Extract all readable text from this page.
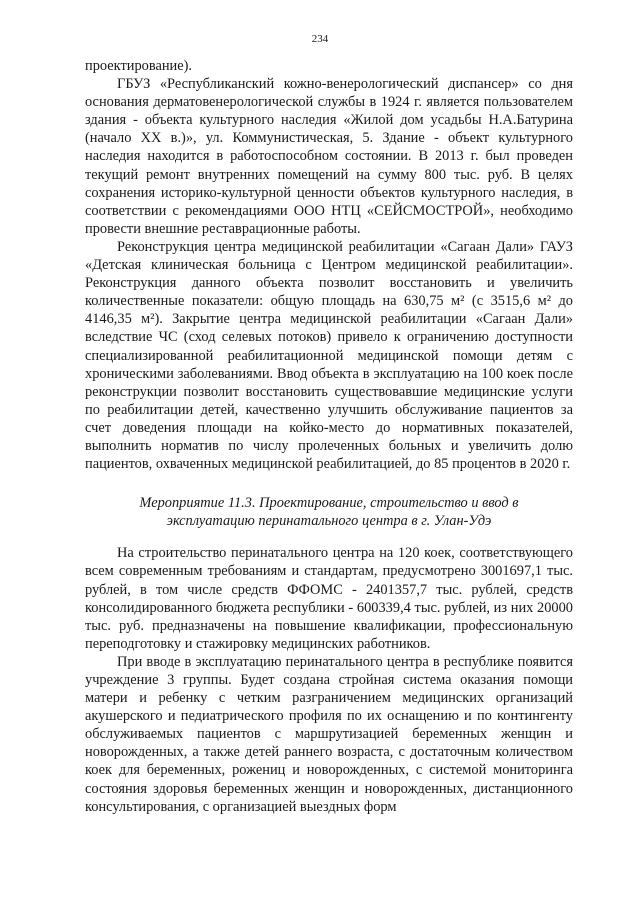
234

проектирование).

ГБУЗ «Республиканский кожно-венерологический диспансер» со дня основания дерматовенерологической службы в 1924 г. является пользователем здания - объекта культурного наследия «Жилой дом усадьбы Н.А.Батурина (начало XX в.)», ул. Коммунистическая, 5. Здание - объект культурного наследия находится в работоспособном состоянии. В 2013 г. был проведен текущий ремонт внутренних помещений на сумму 800 тыс. руб. В целях сохранения историко-культурной ценности объектов культурного наследия, в соответствии с рекомендациями ООО НТЦ «СЕЙСМОСТРОЙ», необходимо провести внешние реставрационные работы.

Реконструкция центра медицинской реабилитации «Сагаан Дали» ГАУЗ «Детская клиническая больница с Центром медицинской реабилитации». Реконструкция данного объекта позволит восстановить и увеличить количественные показатели: общую площадь на 630,75 м² (с 3515,6 м² до 4146,35 м²). Закрытие центра медицинской реабилитации «Сагаан Дали» вследствие ЧС (сход селевых потоков) привело к ограничению доступности специализированной реабилитационной медицинской помощи детям с хроническими заболеваниями. Ввод объекта в эксплуатацию на 100 коек после реконструкции позволит восстановить существовавшие медицинские услуги по реабилитации детей, качественно улучшить обслуживание пациентов за счет доведения площади на койко-место до нормативных показателей, выполнить норматив по числу пролеченных больных и увеличить долю пациентов, охваченных медицинской реабилитацией, до 85 процентов в 2020 г.

Мероприятие 11.3. Проектирование, строительство и ввод в эксплуатацию перинатального центра в г. Улан-Удэ

На строительство перинатального центра на 120 коек, соответствующего всем современным требованиям и стандартам, предусмотрено 3001697,1 тыс. рублей, в том числе средств ФФОМС - 2401357,7 тыс. рублей, средств консолидированного бюджета республики - 600339,4 тыс. рублей, из них 20000 тыс. руб. предназначены на повышение квалификации, профессиональную переподготовку и стажировку медицинских работников.

При вводе в эксплуатацию перинатального центра в республике появится учреждение 3 группы. Будет создана стройная система оказания помощи матери и ребенку с четким разграничением медицинских организаций акушерского и педиатрического профиля по их оснащению и по контингенту обслуживаемых пациентов с маршрутизацией беременных женщин и новорожденных, а также детей раннего возраста, с достаточным количеством коек для беременных, рожениц и новорожденных, с системой мониторинга состояния здоровья беременных женщин и новорожденных, дистанционного консультирования, с организацией выездных форм
